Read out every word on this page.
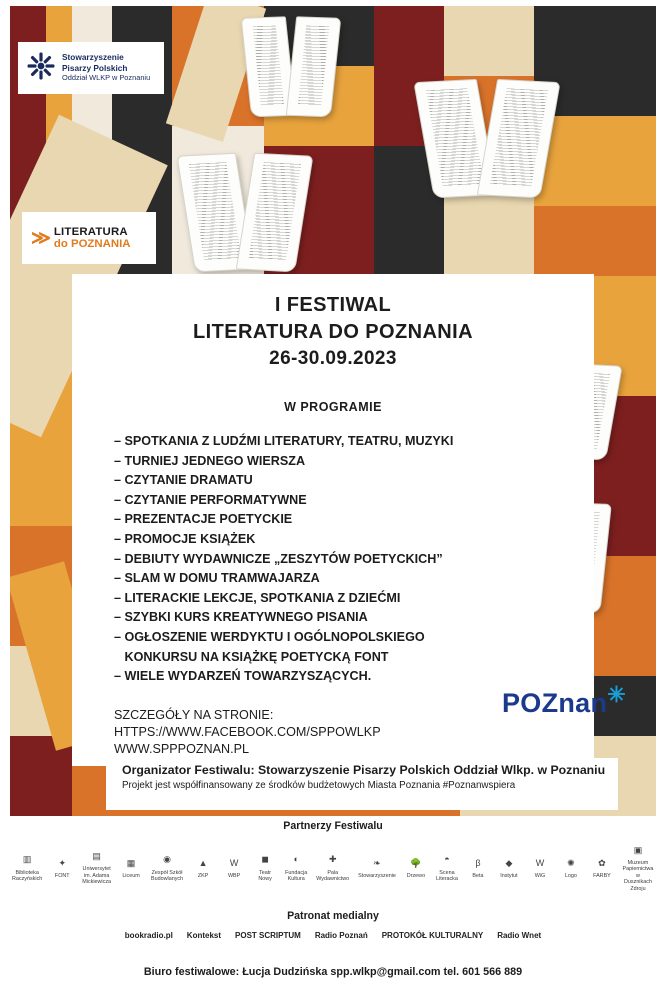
Stowarzyszenie
Pisarzy Polskich
Oddział WLKP w Poznaniu
≫ LITERATURA
do POZNANIA
I FESTIWAL
LITERATURA DO POZNANIA
26-30.09.2023
W PROGRAMIE
– SPOTKANIA Z LUDŹMI LITERATURY, TEATRU, MUZYKI
– TURNIEJ JEDNEGO WIERSZA
– CZYTANIE DRAMATU
– CZYTANIE PERFORMATYWNE
– PREZENTACJE POETYCKIE
– PROMOCJE KSIĄŻEK
– DEBIUTY WYDAWNICZE „ZESZYTÓW POETYCKICH”
– SLAM W DOMU TRAMWAJARZA
– LITERACKIE LEKCJE, SPOTKANIA Z DZIEĆMI
– SZYBKI KURS KREATYWNEGO PISANIA
– OGŁOSZENIE WERDYKTU I OGÓLNOPOLSKIEGO
KONKURSU NA KSIĄŻKĘ POETYCKĄ FONT
– WIELE WYDARZEŃ TOWARZYSZĄCYCH.
SZCZEGÓŁY NA STRONIE:
HTTPS://WWW.FACEBOOK.COM/SPPOWLKP
WWW.SPPPOZNAN.PL
POZnan✳
Organizator Festiwalu: Stowarzyszenie Pisarzy Polskich Oddział Wlkp. w Poznaniu
Projekt jest współfinansowany ze środków budżetowych Miasta Poznania #Poznanwspiera
Partnerzy Festiwalu
▥
Biblioteka Raczyńskich
✦
FONT
▤
Uniwersytet im. Adama Mickiewicza
▦
Liceum
◉
Zespół Szkół Budowlanych
▲
ZKP
W
WBP
◼
Teatr Nowy
◐
Fundacja Kultura
✚
Pala Wydawnictwo
❧
Stowarzyszenie
🌳
Drzewo
◓
Scena Literacka
β
Beta
◆
Instytut
W
WiG
✺
Logo
✿
FARBY
▣
Muzeum Papiernictwa w Dusznikach Zdroju
Patronat medialny
bookradio.pl Kontekst POST SCRIPTUM Radio Poznań PROTOKÓŁ KULTURALNY Radio Wnet
Biuro festiwalowe: Łucja Dudzińska spp.wlkp@gmail.com tel. 601 566 889
